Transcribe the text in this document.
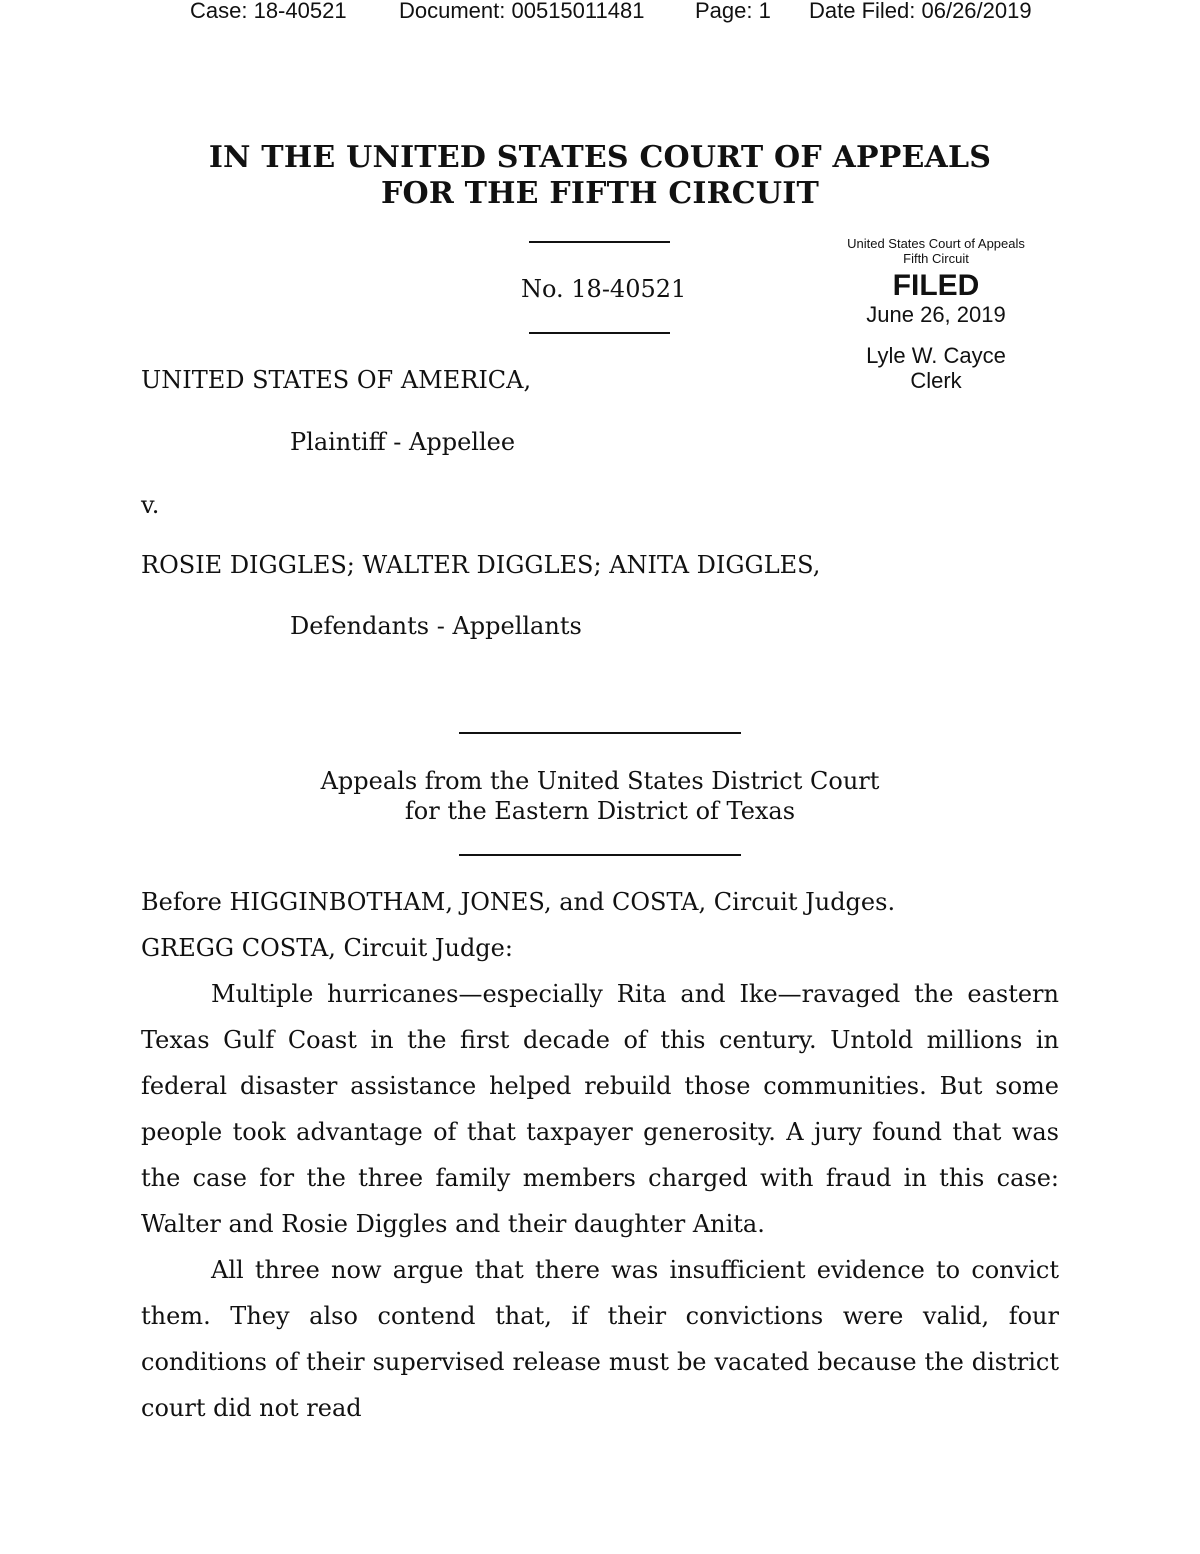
Case: 18-40521 Document: 00515011481 Page: 1 Date Filed: 06/26/2019
IN THE UNITED STATES COURT OF APPEALS
FOR THE FIFTH CIRCUIT
No. 18-40521
United States Court of Appeals
Fifth Circuit
FILED
June 26, 2019
Lyle W. Cayce
Clerk
UNITED STATES OF AMERICA,
Plaintiff - Appellee
v.
ROSIE DIGGLES; WALTER DIGGLES; ANITA DIGGLES,
Defendants - Appellants
Appeals from the United States District Court
for the Eastern District of Texas
Before HIGGINBOTHAM, JONES, and COSTA, Circuit Judges.
GREGG COSTA, Circuit Judge:
Multiple hurricanes—especially Rita and Ike—ravaged the eastern Texas Gulf Coast in the first decade of this century. Untold millions in federal disaster assistance helped rebuild those communities. But some people took advantage of that taxpayer generosity. A jury found that was the case for the three family members charged with fraud in this case: Walter and Rosie Diggles and their daughter Anita.
All three now argue that there was insufficient evidence to convict them. They also contend that, if their convictions were valid, four conditions of their supervised release must be vacated because the district court did not read
